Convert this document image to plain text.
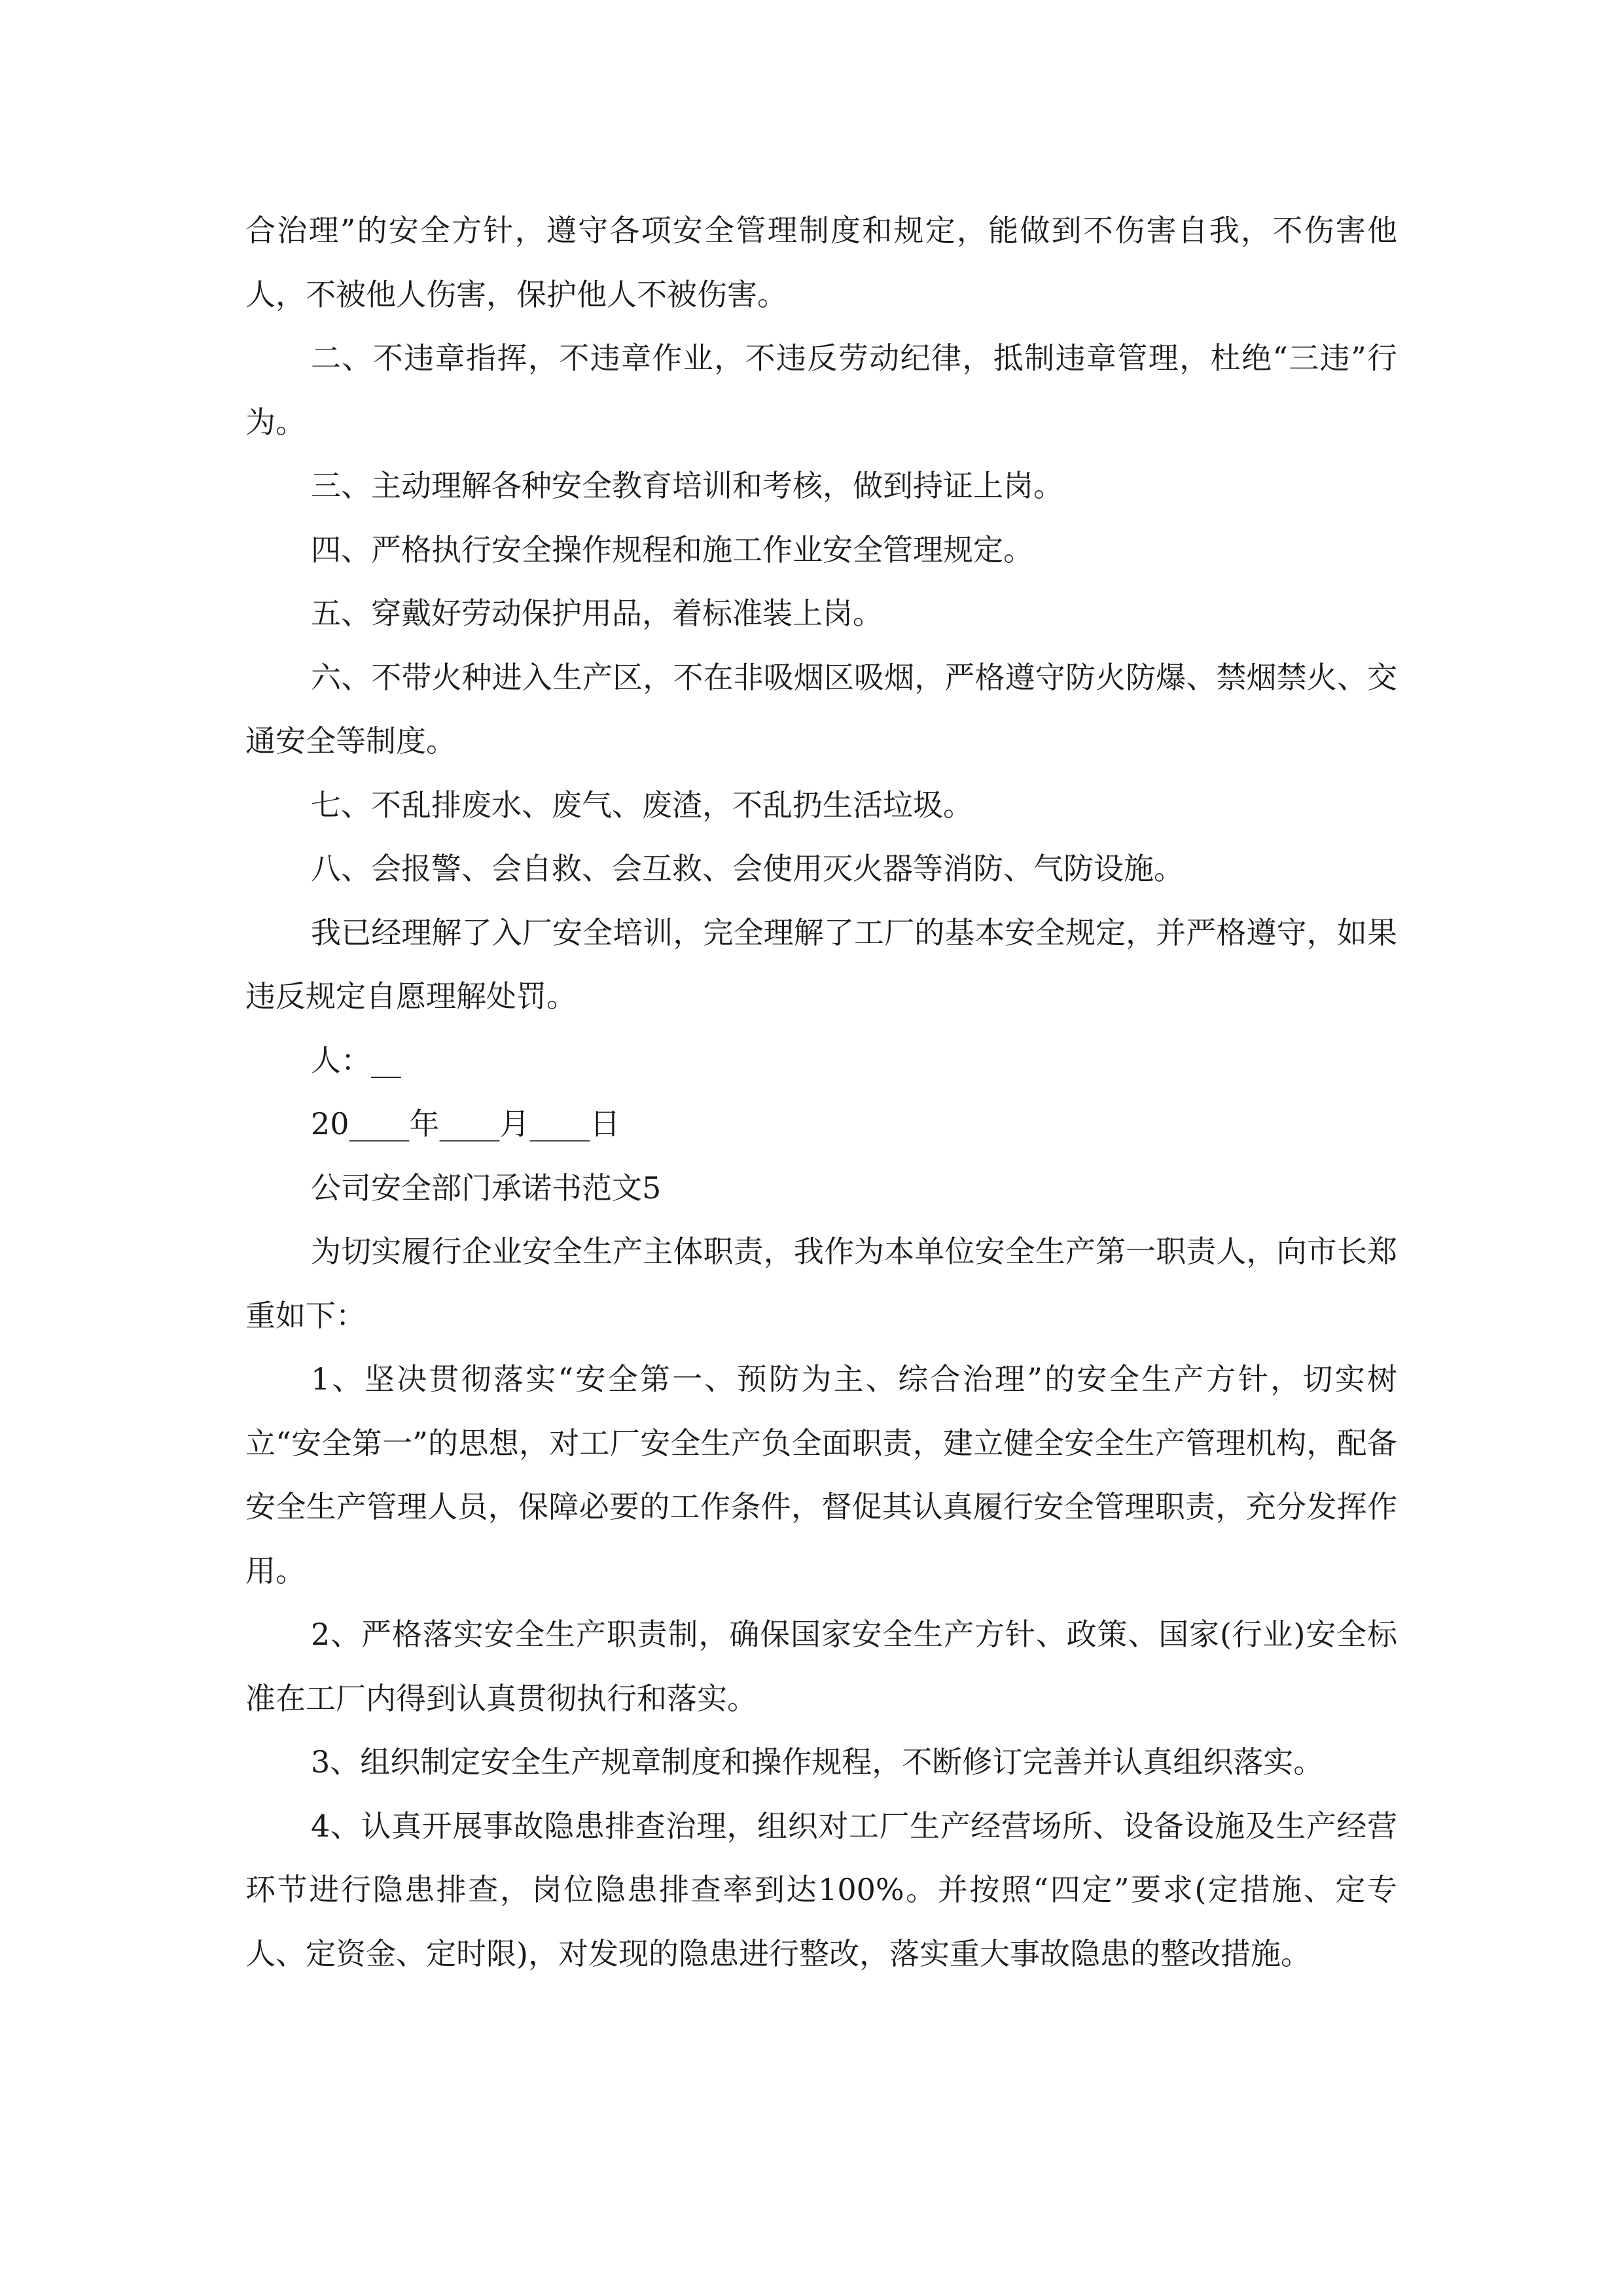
合治理”的安全方针，遵守各项安全管理制度和规定，能做到不伤害自我，不伤害他人，不被他人伤害，保护他人不被伤害。

二、不违章指挥，不违章作业，不违反劳动纪律，抵制违章管理，杜绝“三违”行为。

三、主动理解各种安全教育培训和考核，做到持证上岗。

四、严格执行安全操作规程和施工作业安全管理规定。

五、穿戴好劳动保护用品，着标准装上岗。

六、不带火种进入生产区，不在非吸烟区吸烟，严格遵守防火防爆、禁烟禁火、交通安全等制度。

七、不乱排废水、废气、废渣，不乱扔生活垃圾。

八、会报警、会自救、会互救、会使用灭火器等消防、气防设施。

我已经理解了入厂安全培训，完全理解了工厂的基本安全规定，并严格遵守，如果违反规定自愿理解处罚。

人：__

20____年____月____日

公司安全部门承诺书范文5

为切实履行企业安全生产主体职责，我作为本单位安全生产第一职责人，向市长郑重如下：

1、坚决贯彻落实“安全第一、预防为主、综合治理”的安全生产方针，切实树立“安全第一”的思想，对工厂安全生产负全面职责，建立健全安全生产管理机构，配备安全生产管理人员，保障必要的工作条件，督促其认真履行安全管理职责，充分发挥作用。

2、严格落实安全生产职责制，确保国家安全生产方针、政策、国家(行业)安全标准在工厂内得到认真贯彻执行和落实。

3、组织制定安全生产规章制度和操作规程，不断修订完善并认真组织落实。

4、认真开展事故隐患排查治理，组织对工厂生产经营场所、设备设施及生产经营环节进行隐患排查，岗位隐患排查率到达100%。并按照“四定”要求(定措施、定专人、定资金、定时限)，对发现的隐患进行整改，落实重大事故隐患的整改措施。
